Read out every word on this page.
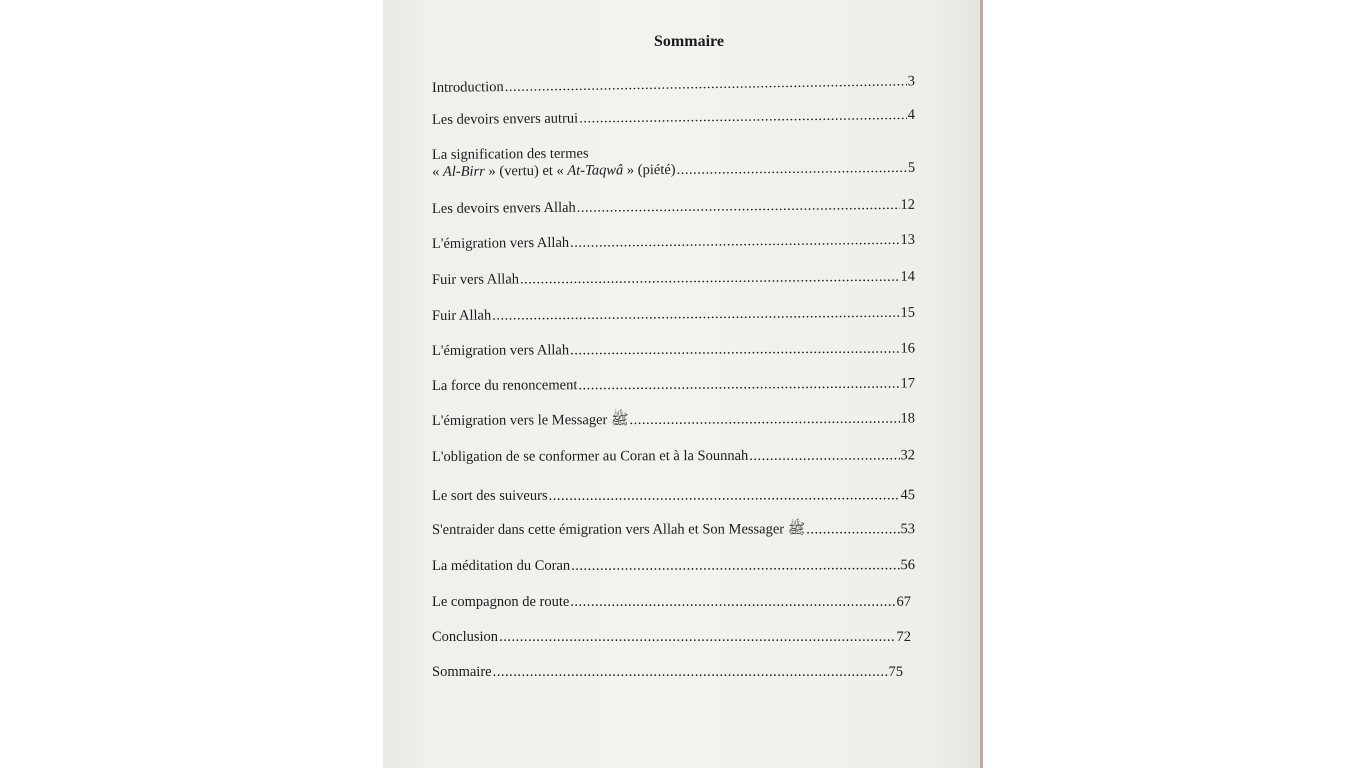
Sommaire
Introduction .....	3
Les devoirs envers autrui .....	4
La signification des termes
« Al-Birr » (vertu) et « At-Taqwâ » (piété) .....	5
Les devoirs envers Allah .....	12
L'émigration vers Allah .....	13
Fuir vers Allah .....	14
Fuir Allah .....	15
L'émigration vers Allah .....	16
La force du renoncement .....	17
L'émigration vers le Messager ﷺ .....	18
L'obligation de se conformer au Coran et à la Sounnah .....	32
Le sort des suiveurs .....	45
S'entraider dans cette émigration vers Allah et Son Messager ﷺ .....	53
La méditation du Coran .....	56
Le compagnon de route .....	67
Conclusion .....	72
Sommaire .....	75
